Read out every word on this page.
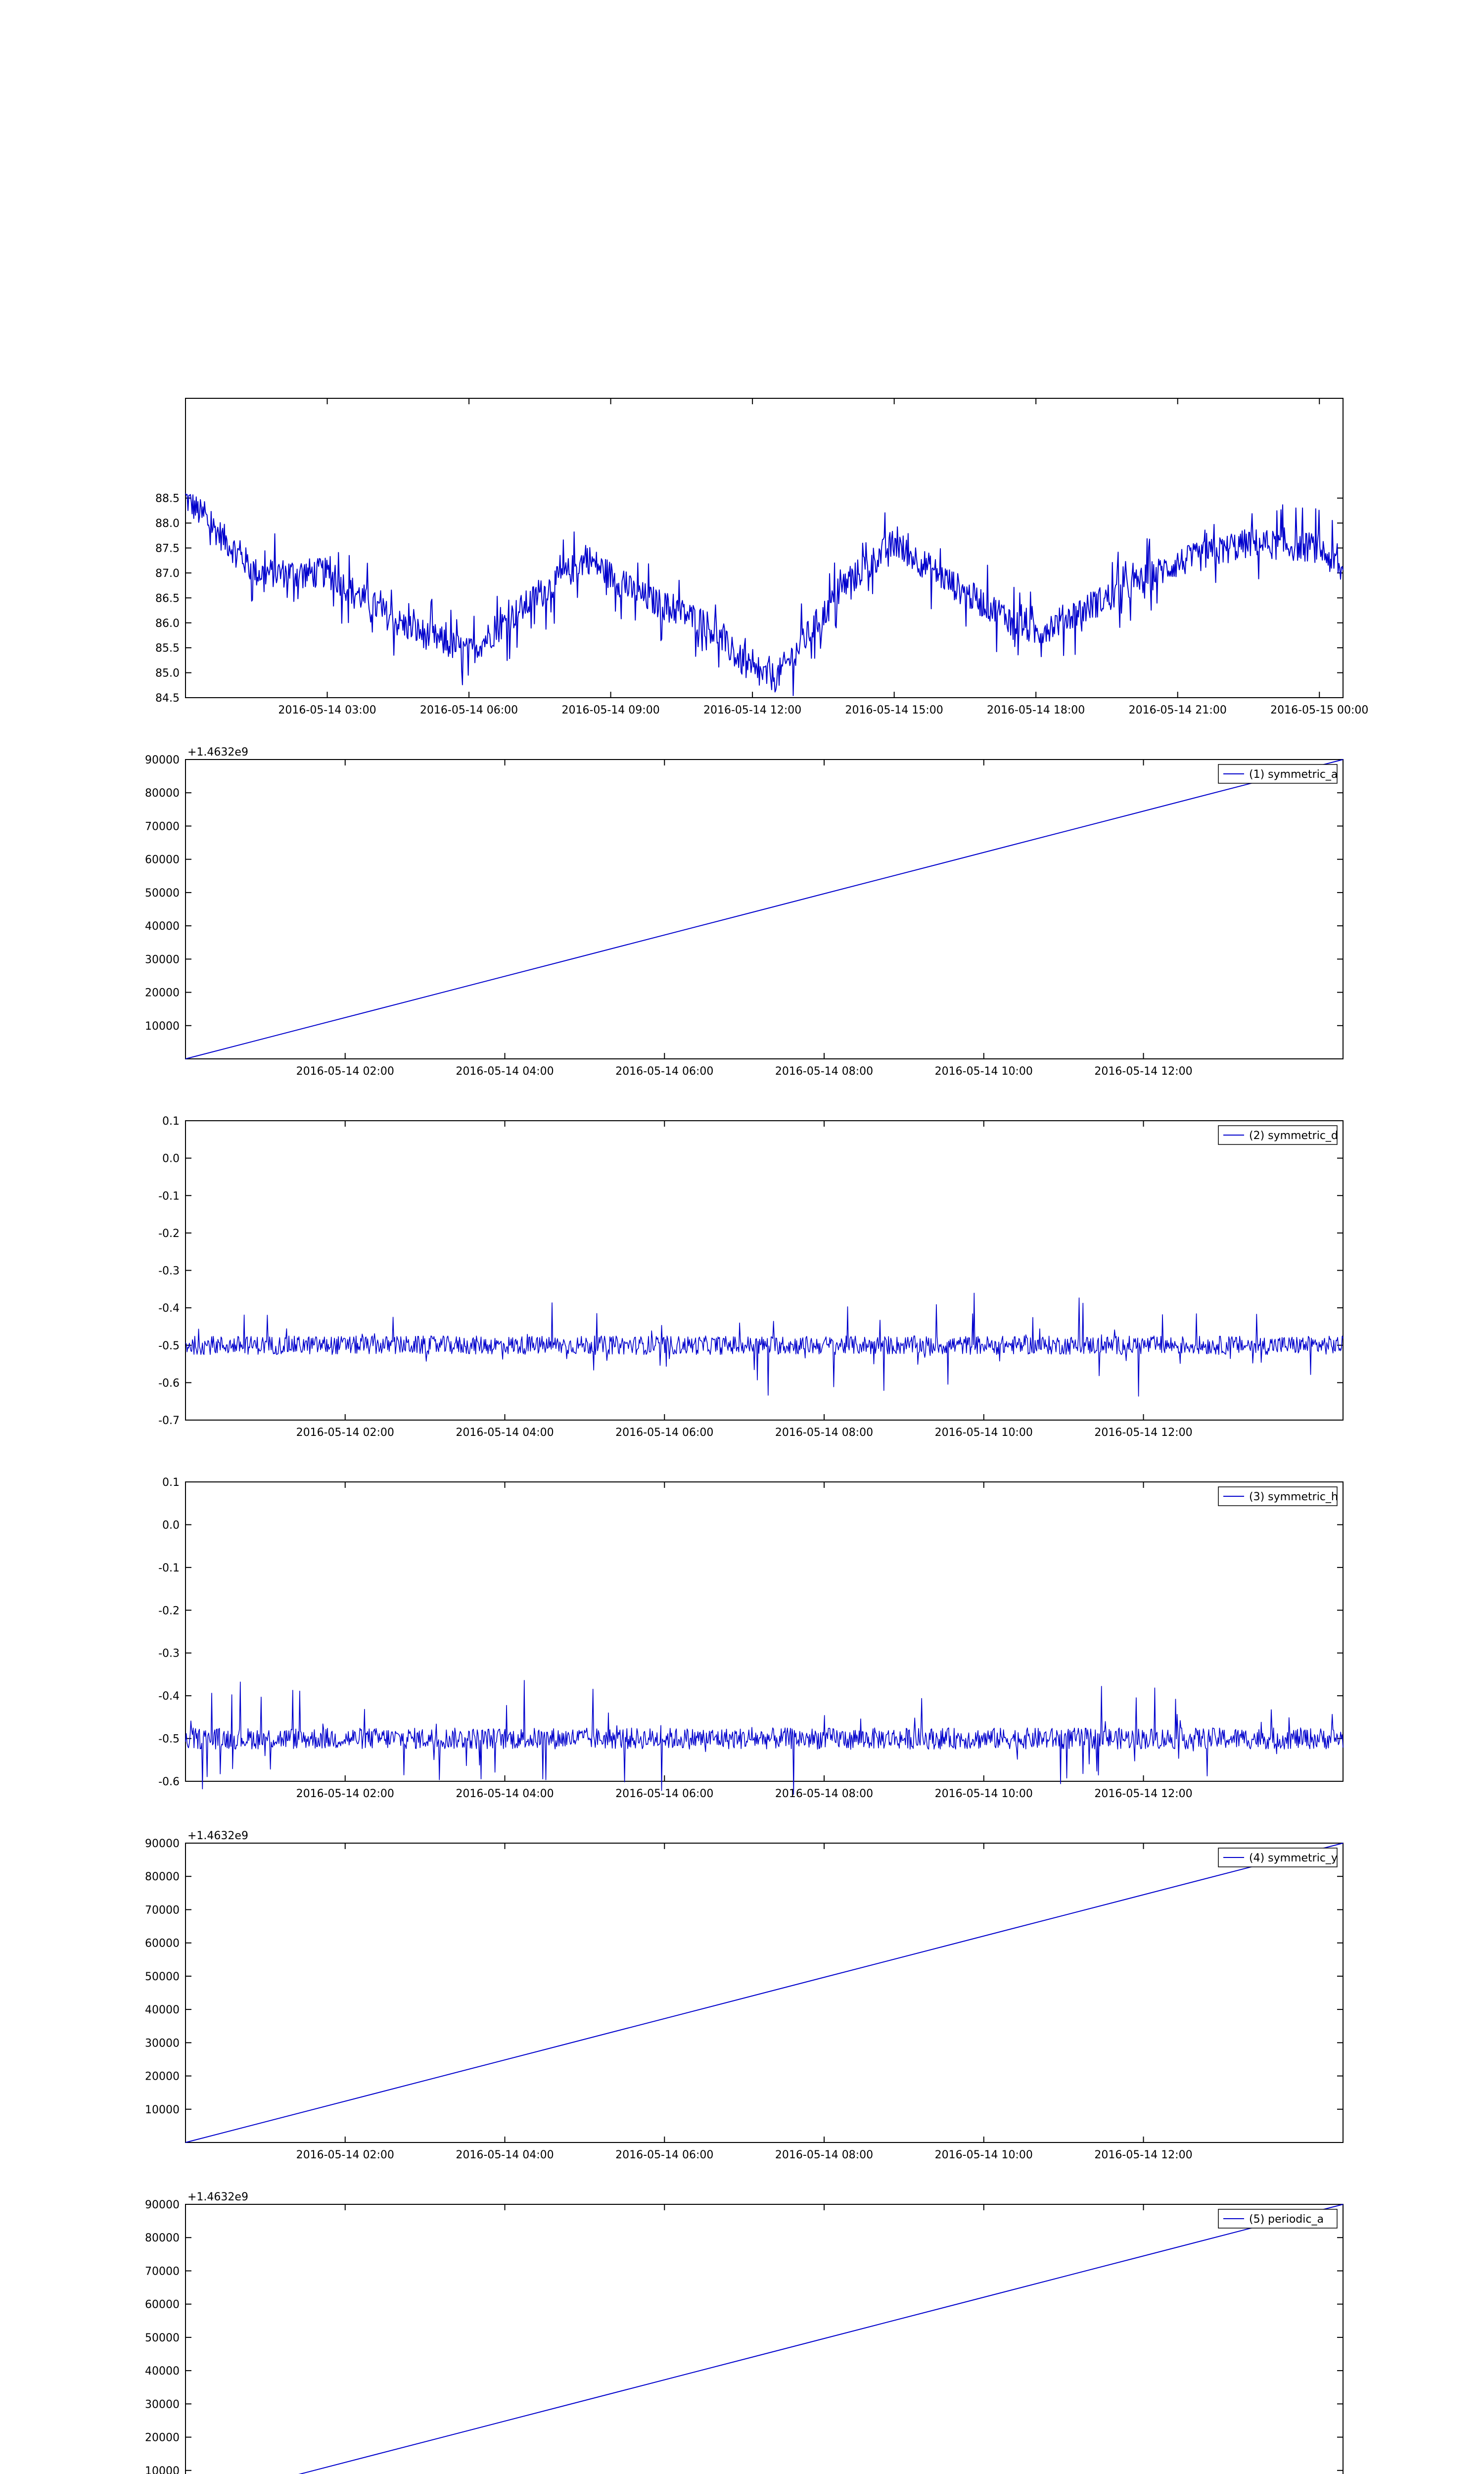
84.5
85.0
85.5
86.0
86.5
87.0
87.5
88.0
88.5
2016-05-14 03:00	2016-05-14 06:00	2016-05-14 09:00	2016-05-14 12:00	2016-05-14 15:00	2016-05-14 18:00	2016-05-14 21:00	2016-05-15 00:00
10000
20000
30000
40000
50000
60000
70000
80000
90000
2016-05-14 02:00	2016-05-14 04:00	2016-05-14 06:00	2016-05-14 08:00	2016-05-14 10:00	2016-05-14 12:00
+1.4632e9
(1) symmetric_a
-0.7
-0.6
-0.5
-0.4
-0.3
-0.2
-0.1
0.0
0.1
2016-05-14 02:00	2016-05-14 04:00	2016-05-14 06:00	2016-05-14 08:00	2016-05-14 10:00	2016-05-14 12:00
(2) symmetric_d
-0.6
-0.5
-0.4
-0.3
-0.2
-0.1
0.0
0.1
2016-05-14 02:00	2016-05-14 04:00	2016-05-14 06:00	2016-05-14 08:00	2016-05-14 10:00	2016-05-14 12:00
(3) symmetric_h
10000
20000
30000
40000
50000
60000
70000
80000
90000
2016-05-14 02:00	2016-05-14 04:00	2016-05-14 06:00	2016-05-14 08:00	2016-05-14 10:00	2016-05-14 12:00
+1.4632e9
(4) symmetric_y
10000
20000
30000
40000
50000
60000
70000
80000
90000
+1.4632e9
(5) periodic_a
